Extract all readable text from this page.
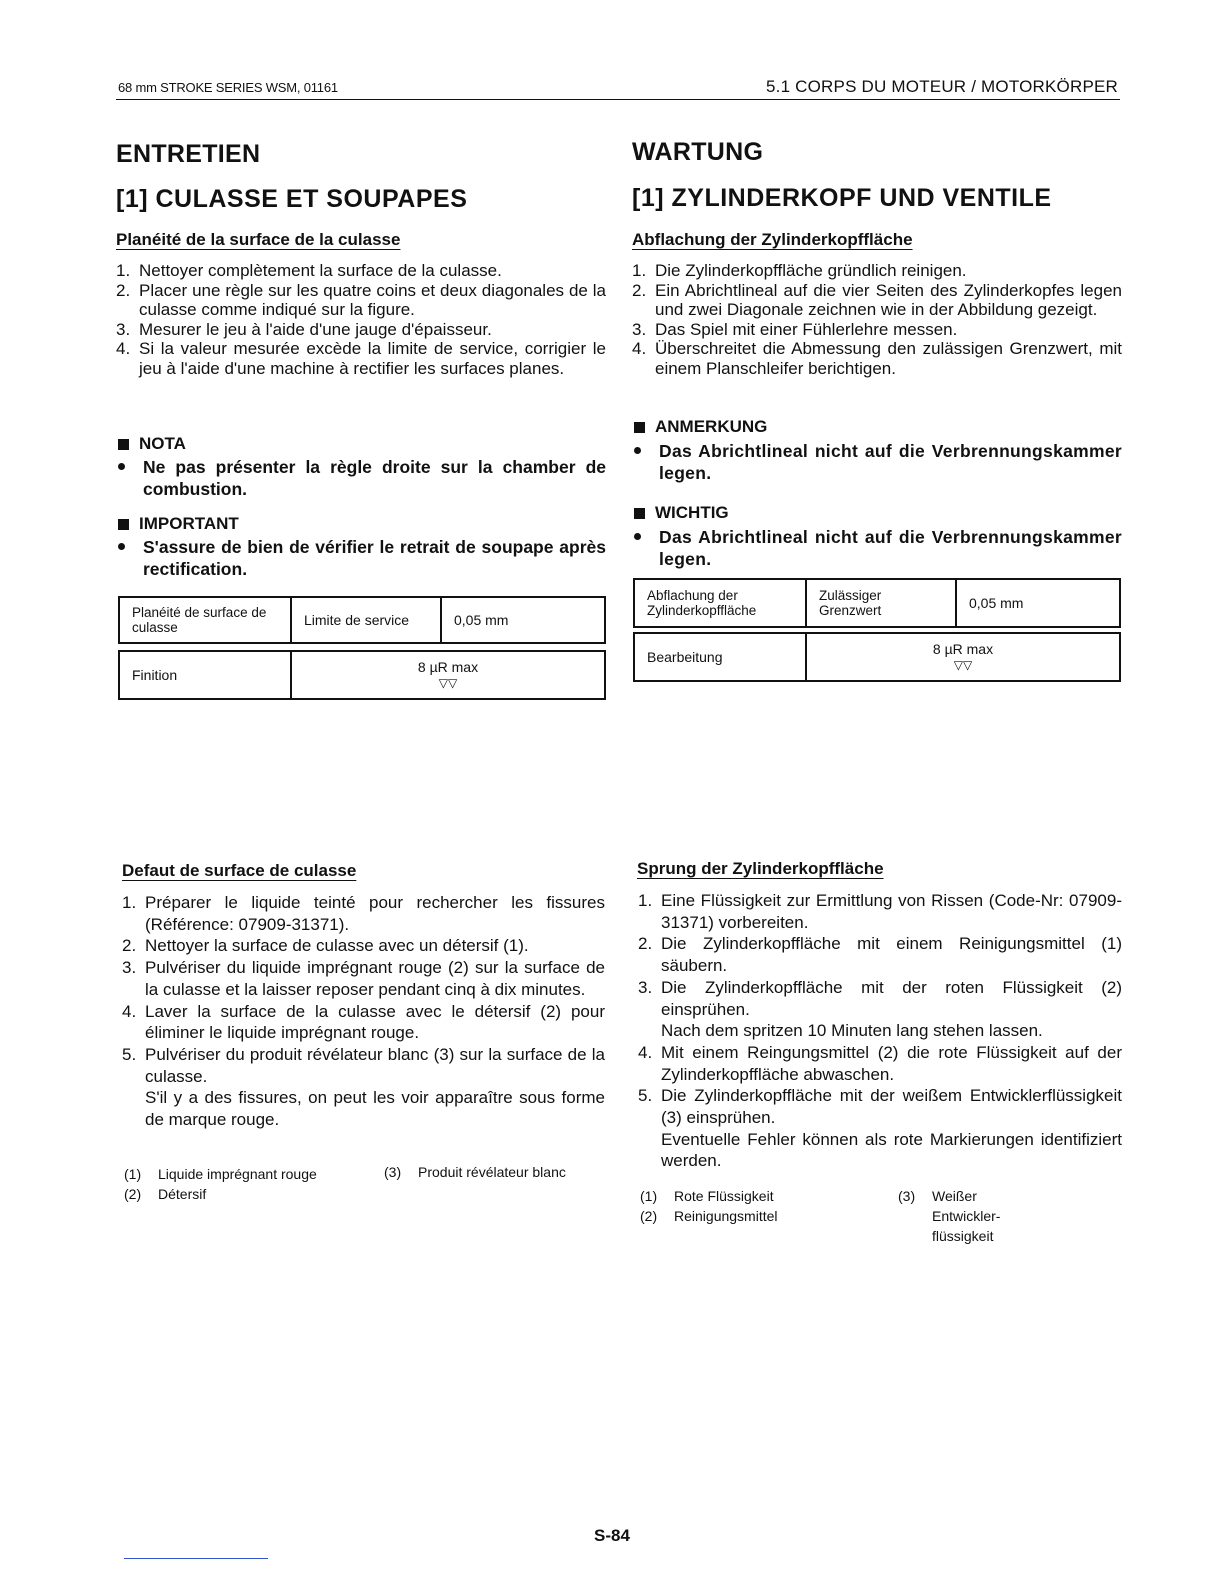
68 mm STROKE SERIES WSM, 01161	5.1 CORPS DU MOTEUR / MOTORKÖRPER
ENTRETIEN
[1] CULASSE ET SOUPAPES
Planéité de la surface de la culasse
1. Nettoyer complètement la surface de la culasse.
2. Placer une règle sur les quatre coins et deux diagonales de la culasse comme indiqué sur la figure.
3. Mesurer le jeu à l'aide d'une jauge d'épaisseur.
4. Si la valeur mesurée excède la limite de service, corrigier le jeu à l'aide d'une machine à rectifier les surfaces planes.
NOTA
Ne pas présenter la règle droite sur la chamber de combustion.
IMPORTANT
S'assure de bien de vérifier le retrait de soupape après rectification.
Planéité de surface de culasse	Limite de service	0,05 mm
Finition	8 µR max
▽▽
Defaut de surface de culasse
1. Préparer le liquide teinté pour rechercher les fissures (Référence: 07909-31371).
2. Nettoyer la surface de culasse avec un détersif (1).
3. Pulvériser du liquide imprégnant rouge (2) sur la surface de la culasse et la laisser reposer pendant cinq à dix minutes.
4. Laver la surface de la culasse avec le détersif (2) pour éliminer le liquide imprégnant rouge.
5. Pulvériser du produit révélateur blanc (3) sur la surface de la culasse.
S'il y a des fissures, on peut les voir apparaître sous forme de marque rouge.
(1)	Liquide imprégnant rouge
(2)	Détersif
(3)	Produit révélateur blanc
WARTUNG
[1] ZYLINDERKOPF UND VENTILE
Abflachung der Zylinderkopffläche
1. Die Zylinderkopffläche gründlich reinigen.
2. Ein Abrichtlineal auf die vier Seiten des Zylinderkopfes legen und zwei Diagonale zeichnen wie in der Abbildung gezeigt.
3. Das Spiel mit einer Fühlerlehre messen.
4. Überschreitet die Abmessung den zulässigen Grenzwert, mit einem Planschleifer berichtigen.
ANMERKUNG
Das Abrichtlineal nicht auf die Verbrennungskammer legen.
WICHTIG
Das Abrichtlineal nicht auf die Verbrennungskammer legen.
Abflachung der Zylinderkopffläche	Zulässiger Grenzwert	0,05 mm
Bearbeitung	8 µR max
▽▽
Sprung der Zylinderkopffläche
1. Eine Flüssigkeit zur Ermittlung von Rissen (Code-Nr: 07909-31371) vorbereiten.
2. Die Zylinderkopffläche mit einem Reinigungsmittel (1) säubern.
3. Die Zylinderkopffläche mit der roten Flüssigkeit (2) einsprühen.
Nach dem spritzen 10 Minuten lang stehen lassen.
4. Mit einem Reingungsmittel (2) die rote Flüssigkeit auf der Zylinderkopffläche abwaschen.
5. Die Zylinderkopffläche mit der weißem Entwicklerflüssigkeit (3) einsprühen.
Eventuelle Fehler können als rote Markierungen identifiziert werden.
(1)	Rote Flüssigkeit
(2)	Reinigungsmittel
(3)	Weißer Entwickler-flüssigkeit
S-84
